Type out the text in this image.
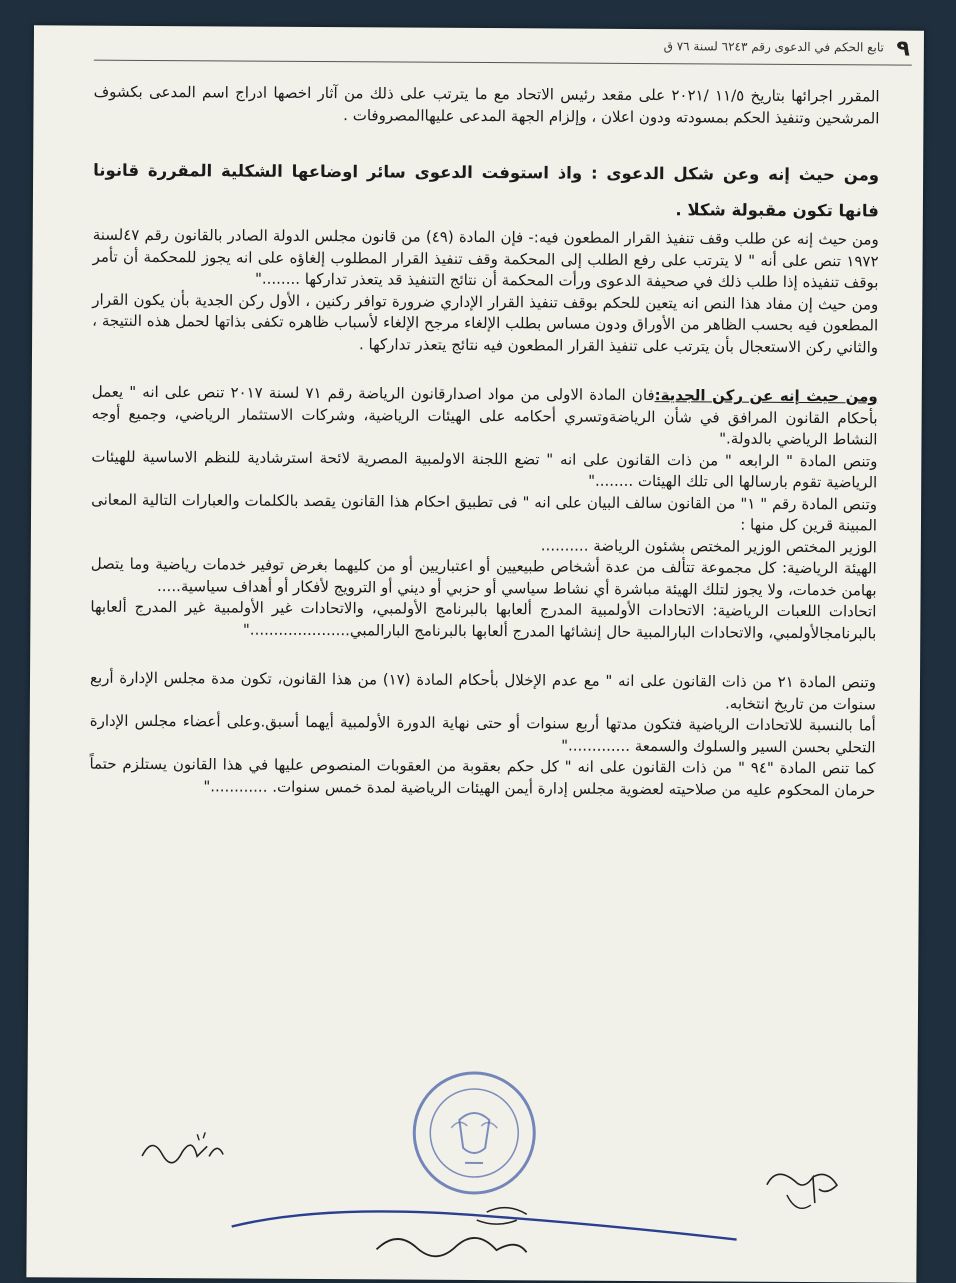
تابع الحكم في الدعوى رقم ٦٢٤٣ لسنة ٧٦ ق ٩

المقرر اجرائها بتاريخ ١١/٥ /٢٠٢١ على مقعد رئيس الاتحاد مع ما يترتب على ذلك من آثار اخصها ادراج اسم المدعى بكشوف المرشحين وتنفيذ الحكم بمسودته ودون اعلان ، وإلزام الجهة المدعى عليهاالمصروفات .

ومن حيث إنه وعن شكل الدعوى : واذ استوفت الدعوى سائر اوضاعها الشكلية المقررة قانونا فانها تكون مقبولة شكلا .

ومن حيث إنه عن طلب وقف تنفيذ القرار المطعون فيه:- فإن المادة (٤٩) من قانون مجلس الدولة الصادر بالقانون رقم ٤٧لسنة ١٩٧٢ تنص على أنه " لا يترتب على رفع الطلب إلى المحكمة وقف تنفيذ القرار المطلوب إلغاؤه على انه يجوز للمحكمة أن تأمر بوقف تنفيذه إذا طلب ذلك في صحيفة الدعوى ورأت المحكمة أن نتائج التنفيذ قد يتعذر تداركها ........"

ومن حيث إن مفاد هذا النص انه يتعين للحكم بوقف تنفيذ القرار الإداري ضرورة توافر ركنين ، الأول ركن الجدية بأن يكون القرار المطعون فيه بحسب الظاهر من الأوراق ودون مساس بطلب الإلغاء مرجح الإلغاء لأسباب ظاهره تكفى بذاتها لحمل هذه النتيجة ، والثاني ركن الاستعجال بأن يترتب على تنفيذ القرار المطعون فيه نتائج يتعذر تداركها .

ومن حيث إنه عن ركن الجدية:فان المادة الاولى من مواد اصدارقانون الرياضة رقم ٧١ لسنة ٢٠١٧ تنص على انه " يعمل بأحكام القانون المرافق في شأن الرياضةوتسري أحكامه على الهيئات الرياضية، وشركات الاستثمار الرياضي، وجميع أوجه النشاط الرياضي بالدولة."

وتنص المادة " الرابعه " من ذات القانون على انه " تضع اللجنة الاولمبية المصرية لائحة استرشادية للنظم الاساسية للهيئات الرياضية تقوم بارسالها الى تلك الهيئات ........"

وتنص المادة رقم " ١" من القانون سالف البيان على انه " فى تطبيق احكام هذا القانون يقصد بالكلمات والعبارات التالية المعانى المبينة قرين كل منها :

الوزير المختص الوزير المختص بشئون الرياضة ..........

الهيئة الرياضية: كل مجموعة تتألف من عدة أشخاص طبيعيين أو اعتباريين أو من كليهما بغرض توفير خدمات رياضية وما يتصل بهامن خدمات، ولا يجوز لتلك الهيئة مباشرة أي نشاط سياسي أو حزبي أو ديني أو الترويج لأفكار أو أهداف سياسية.....

اتحادات اللعبات الرياضية: الاتحادات الأولمبية المدرج ألعابها بالبرنامج الأولمبي، والاتحادات غير الأولمبية غير المدرج ألعابها بالبرنامجالأولمبي، والاتحادات البارالمبية حال إنشائها المدرج ألعابها بالبرنامج البارالمبي....................."

وتنص المادة ٢١ من ذات القانون على انه " مع عدم الإخلال بأحكام المادة (١٧) من هذا القانون، تكون مدة مجلس الإدارة أربع سنوات من تاريخ انتخابه.

أما بالنسبة للاتحادات الرياضية فتكون مدتها أربع سنوات أو حتى نهاية الدورة الأولمبية أيهما أسبق.وعلى أعضاء مجلس الإدارة التحلي بحسن السير والسلوك والسمعة ............."

كما تنص المادة "٩٤ " من ذات القانون على انه " كل حكم بعقوبة من العقوبات المنصوص عليها في هذا القانون يستلزم حتماً حرمان المحكوم عليه من صلاحيته لعضوية مجلس إدارة أيمن الهيئات الرياضية لمدة خمس سنوات. ............"
